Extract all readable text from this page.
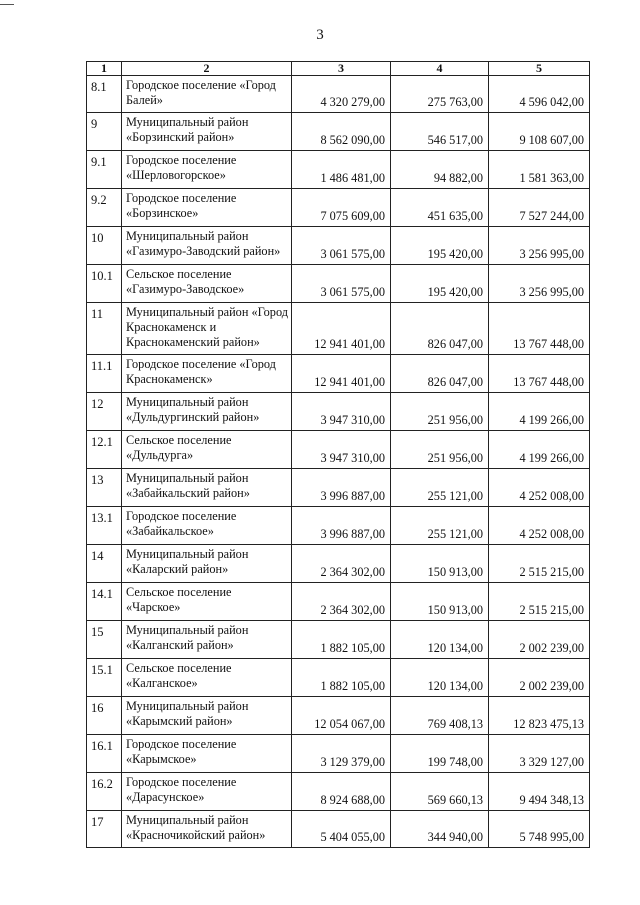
3
1	2	3	4	5
8.1	Городское поселение «Город Балей»	4 320 279,00	275 763,00	4 596 042,00
9	Муниципальный район «Борзинский район»	8 562 090,00	546 517,00	9 108 607,00
9.1	Городское поселение «Шерловогорское»	1 486 481,00	94 882,00	1 581 363,00
9.2	Городское поселение «Борзинское»	7 075 609,00	451 635,00	7 527 244,00
10	Муниципальный район «Газимуро-Заводский район»	3 061 575,00	195 420,00	3 256 995,00
10.1	Сельское поселение «Газимуро-Заводское»	3 061 575,00	195 420,00	3 256 995,00
11	Муниципальный район «Город Краснокаменск и Краснокаменский район»	12 941 401,00	826 047,00	13 767 448,00
11.1	Городское поселение «Город Краснокаменск»	12 941 401,00	826 047,00	13 767 448,00
12	Муниципальный район «Дульдургинский район»	3 947 310,00	251 956,00	4 199 266,00
12.1	Сельское поселение «Дульдурга»	3 947 310,00	251 956,00	4 199 266,00
13	Муниципальный район «Забайкальский район»	3 996 887,00	255 121,00	4 252 008,00
13.1	Городское поселение «Забайкальское»	3 996 887,00	255 121,00	4 252 008,00
14	Муниципальный район «Каларский район»	2 364 302,00	150 913,00	2 515 215,00
14.1	Сельское поселение «Чарское»	2 364 302,00	150 913,00	2 515 215,00
15	Муниципальный район «Калганский район»	1 882 105,00	120 134,00	2 002 239,00
15.1	Сельское поселение «Калганское»	1 882 105,00	120 134,00	2 002 239,00
16	Муниципальный район «Карымский район»	12 054 067,00	769 408,13	12 823 475,13
16.1	Городское поселение «Карымское»	3 129 379,00	199 748,00	3 329 127,00
16.2	Городское поселение «Дарасунское»	8 924 688,00	569 660,13	9 494 348,13
17	Муниципальный район «Красночикойский район»	5 404 055,00	344 940,00	5 748 995,00
